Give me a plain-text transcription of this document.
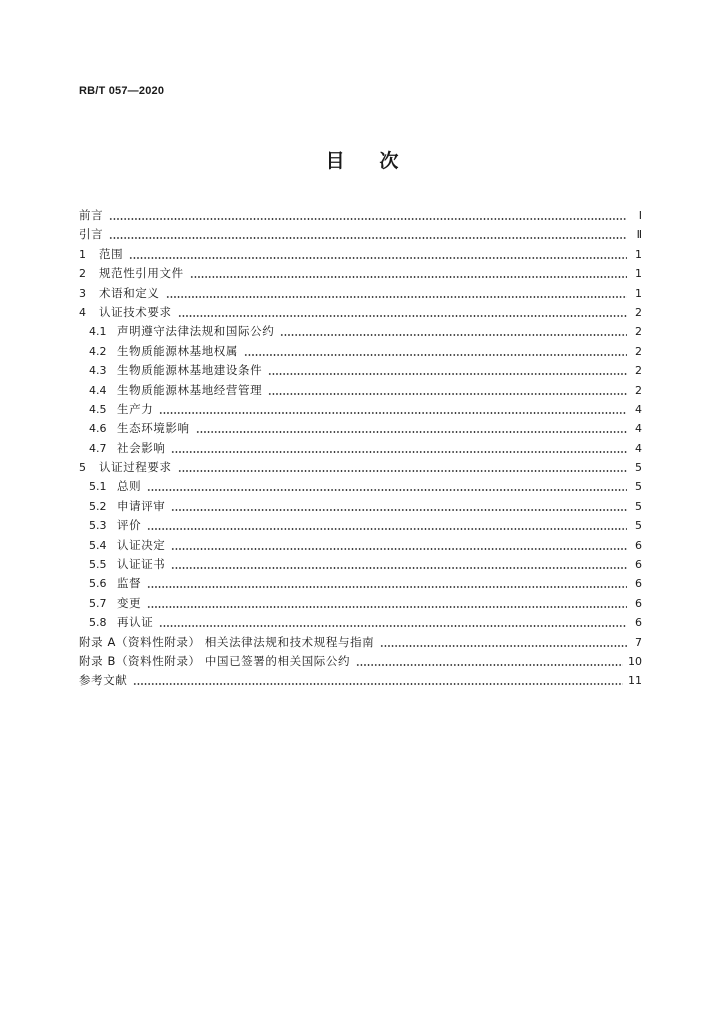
RB/T 057—2020
目 次
前言	Ⅰ
引言	Ⅱ
1	范围	1
2	规范性引用文件	1
3	术语和定义	1
4	认证技术要求	2
4.1 声明遵守法律法规和国际公约	2
4.2 生物质能源林基地权属	2
4.3 生物质能源林基地建设条件	2
4.4 生物质能源林基地经营管理	2
4.5 生产力	4
4.6 生态环境影响	4
4.7 社会影响	4
5	认证过程要求	5
5.1 总则	5
5.2 申请评审	5
5.3 评价	5
5.4 认证决定	6
5.5 认证证书	6
5.6 监督	6
5.7 变更	6
5.8 再认证	6
附录 A（资料性附录） 相关法律法规和技术规程与指南	7
附录 B（资料性附录） 中国已签署的相关国际公约	10
参考文献	11
